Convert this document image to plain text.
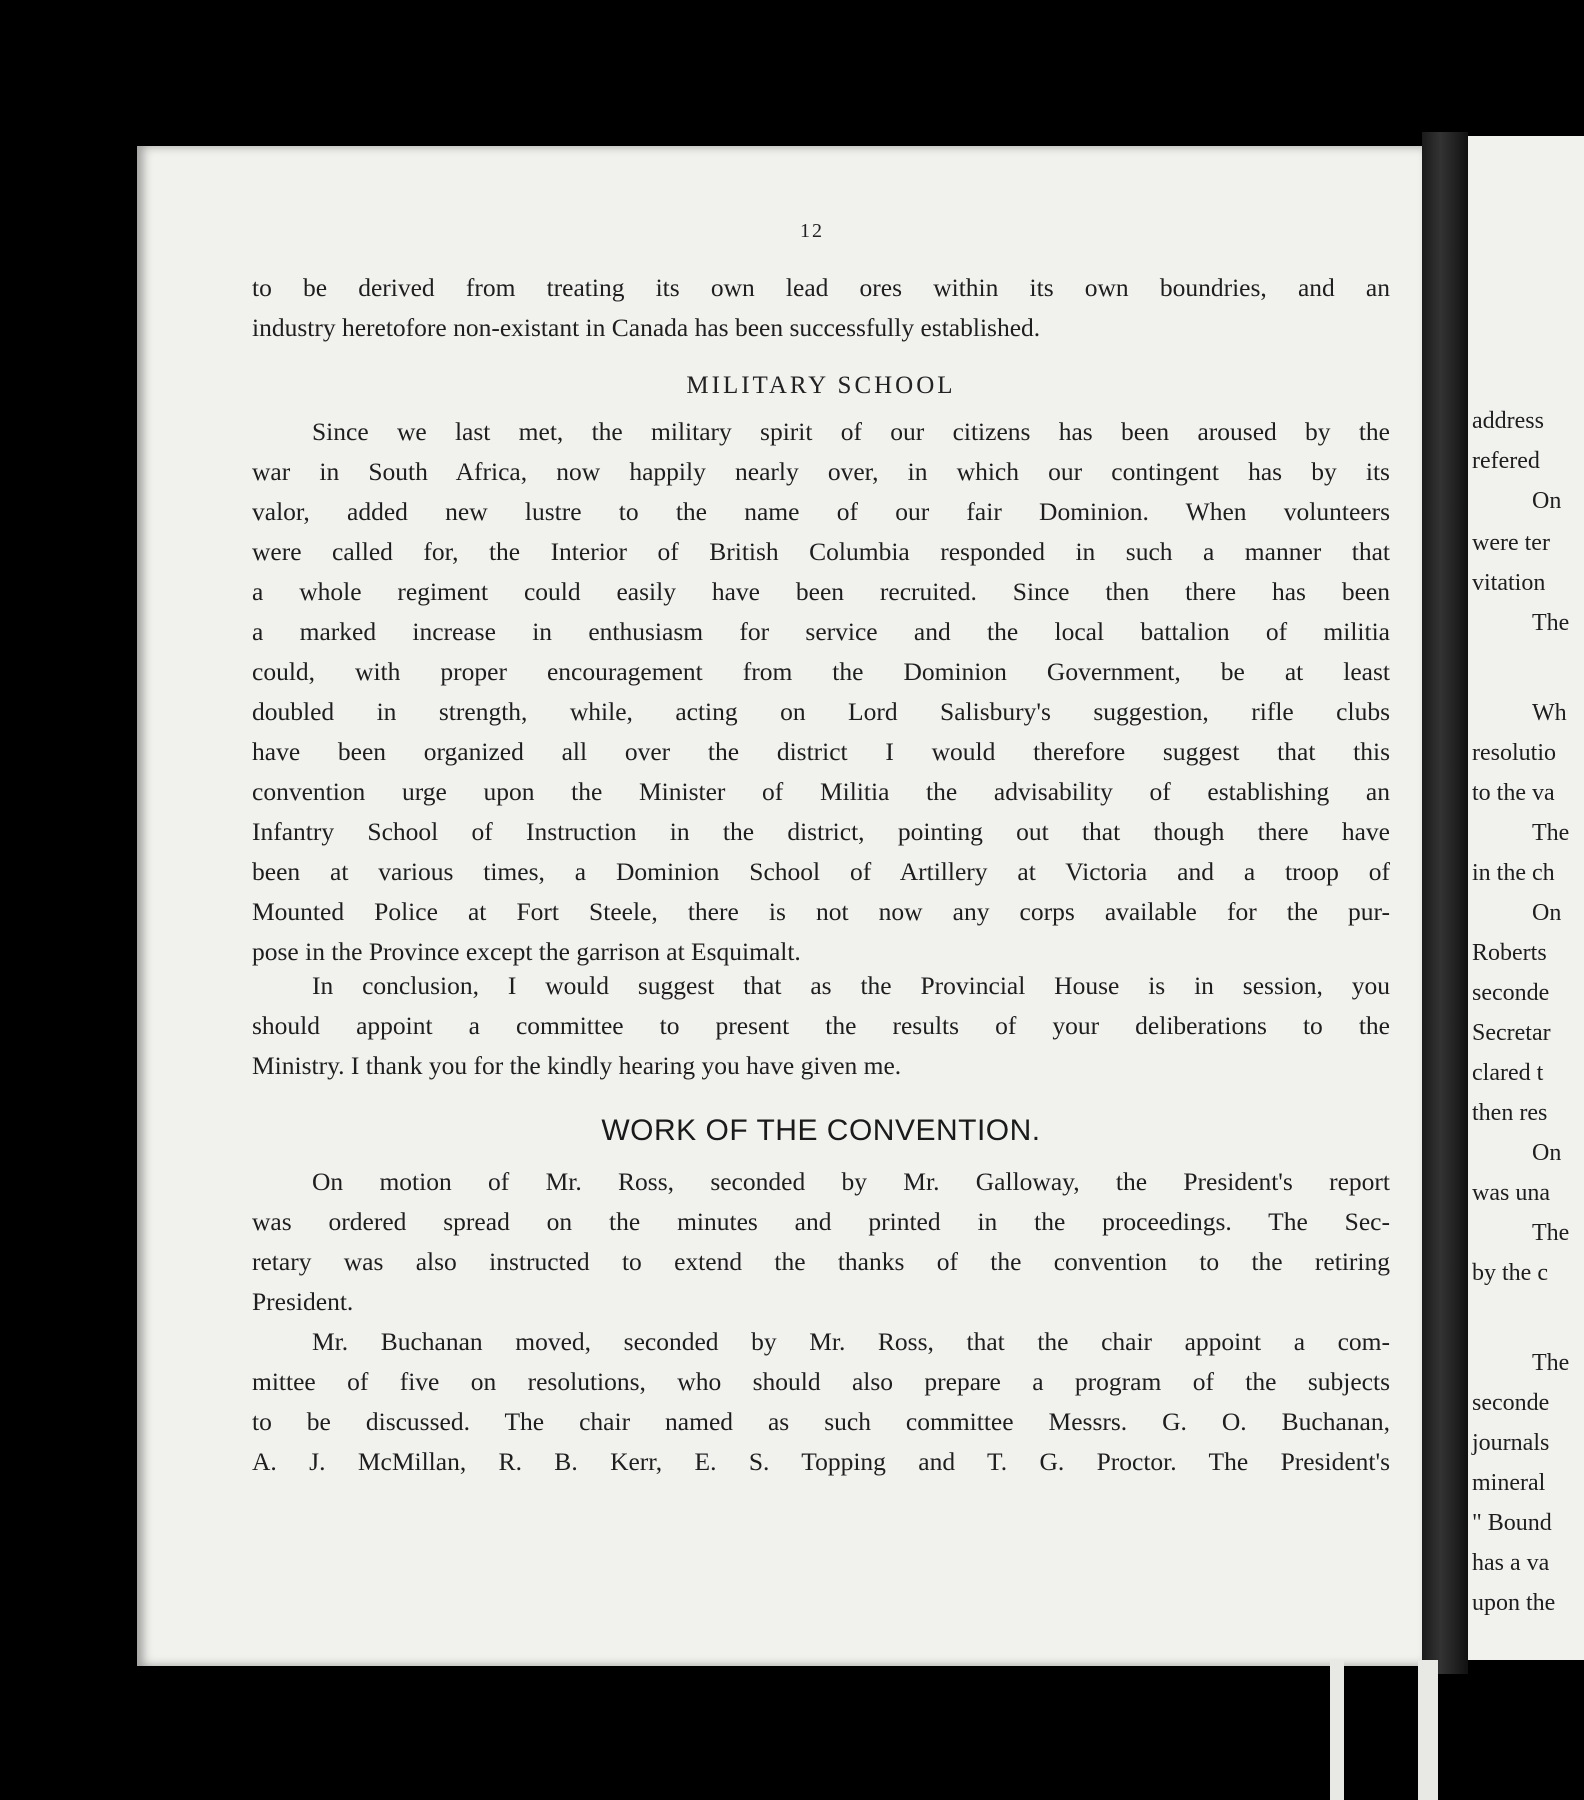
address
refered
On
were ter
vitation
The
Wh
resolutio
to the va
The
in the ch
On
Roberts
seconde
Secretar
clared t
then res
On
was una
The
by the c
The
seconde
journals
mineral
" Bound
has a va
upon the
12
to be derived from treating its own lead ores within its own boundries, and an
industry heretofore non-existant in Canada has been successfully established.
MILITARY SCHOOL
Since we last met, the military spirit of our citizens has been aroused by the
war in South Africa, now happily nearly over, in which our contingent has by its
valor, added new lustre to the name of our fair Dominion. When volunteers
were called for, the Interior of British Columbia responded in such a manner that
a whole regiment could easily have been recruited. Since then there has been
a marked increase in enthusiasm for service and the local battalion of militia
could, with proper encouragement from the Dominion Government, be at least
doubled in strength, while, acting on Lord Salisbury's suggestion, rifle clubs
have been organized all over the district I would therefore suggest that this
convention urge upon the Minister of Militia the advisability of establishing an
Infantry School of Instruction in the district, pointing out that though there have
been at various times, a Dominion School of Artillery at Victoria and a troop of
Mounted Police at Fort Steele, there is not now any corps available for the pur-
pose in the Province except the garrison at Esquimalt.
In conclusion, I would suggest that as the Provincial House is in session, you
should appoint a committee to present the results of your deliberations to the
Ministry. I thank you for the kindly hearing you have given me.
WORK OF THE CONVENTION.
On motion of Mr. Ross, seconded by Mr. Galloway, the President's report
was ordered spread on the minutes and printed in the proceedings. The Sec-
retary was also instructed to extend the thanks of the convention to the retiring
President.
Mr. Buchanan moved, seconded by Mr. Ross, that the chair appoint a com-
mittee of five on resolutions, who should also prepare a program of the subjects
to be discussed. The chair named as such committee Messrs. G. O. Buchanan,
A. J. McMillan, R. B. Kerr, E. S. Topping and T. G. Proctor. The President's
